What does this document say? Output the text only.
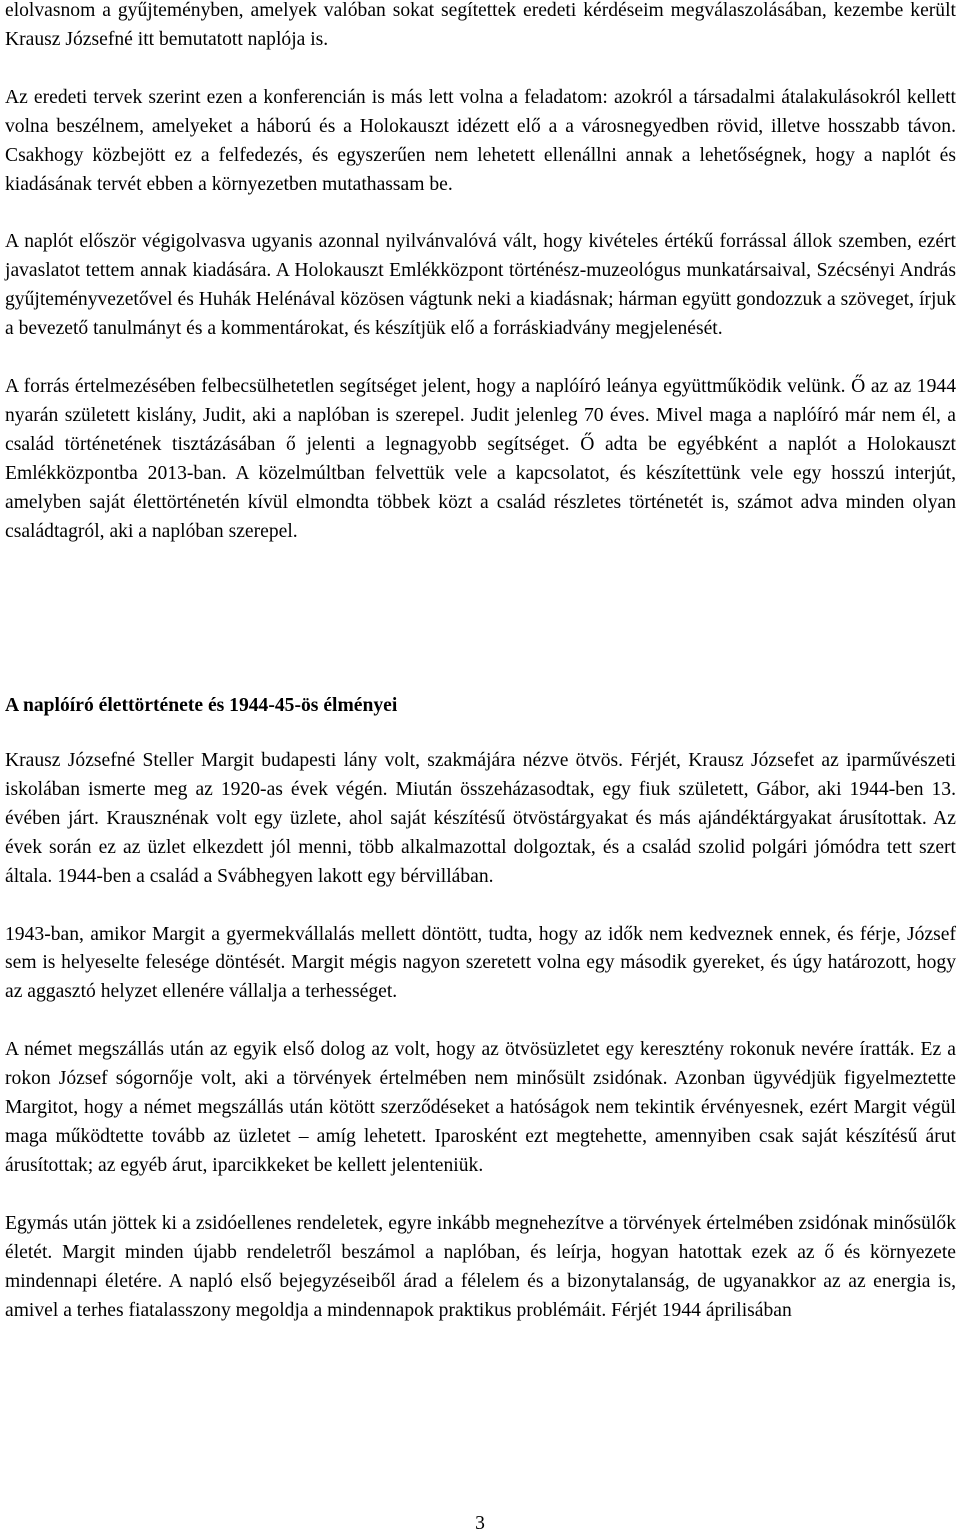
elolvasnom a gyűjteményben, amelyek valóban sokat segítettek eredeti kérdéseim megválaszolásában, kezembe került Krausz Józsefné itt bemutatott naplója is.

Az eredeti tervek szerint ezen a konferencián is más lett volna a feladatom: azokról a társadalmi átalakulásokról kellett volna beszélnem, amelyeket a háború és a Holokauszt idézett elő a a városnegyedben rövid, illetve hosszabb távon. Csakhogy közbejött ez a felfedezés, és egyszerűen nem lehetett ellenállni annak a lehetőségnek, hogy a naplót és kiadásának tervét ebben a környezetben mutathassam be.

A naplót először végigolvasva ugyanis azonnal nyilvánvalóvá vált, hogy kivételes értékű forrással állok szemben, ezért javaslatot tettem annak kiadására. A Holokauszt Emlékközpont történész-muzeológus munkatársaival, Szécsényi András gyűjteményvezetővel és Huhák Helénával közösen vágtunk neki a kiadásnak; hárman együtt gondozzuk a szöveget, írjuk a bevezető tanulmányt és a kommentárokat, és készítjük elő a forráskiadvány megjelenését.

A forrás értelmezésében felbecsülhetetlen segítséget jelent, hogy a naplóíró leánya együttműködik velünk. Ő az az 1944 nyarán született kislány, Judit, aki a naplóban is szerepel. Judit jelenleg 70 éves. Mivel maga a naplóíró már nem él, a család történetének tisztázásában ő jelenti a legnagyobb segítséget. Ő adta be egyébként a naplót a Holokauszt Emlékközpontba 2013-ban. A közelmúltban felvettük vele a kapcsolatot, és készítettünk vele egy hosszú interjút, amelyben saját élettörténetén kívül elmondta többek közt a család részletes történetét is, számot adva minden olyan családtagról, aki a naplóban szerepel.

A naplóíró élettörténete és 1944-45-ös élményei

Krausz Józsefné Steller Margit budapesti lány volt, szakmájára nézve ötvös. Férjét, Krausz Józsefet az iparművészeti iskolában ismerte meg az 1920-as évek végén. Miután összeházasodtak, egy fiuk született, Gábor, aki 1944-ben 13. évében járt. Krausznénak volt egy üzlete, ahol saját készítésű ötvöstárgyakat és más ajándéktárgyakat árusítottak. Az évek során ez az üzlet elkezdett jól menni, több alkalmazottal dolgoztak, és a család szolid polgári jómódra tett szert általa. 1944-ben a család a Svábhegyen lakott egy bérvillában.

1943-ban, amikor Margit a gyermekvállalás mellett döntött, tudta, hogy az idők nem kedveznek ennek, és férje, József sem is helyeselte felesége döntését. Margit mégis nagyon szeretett volna egy második gyereket, és úgy határozott, hogy az aggasztó helyzet ellenére vállalja a terhességet.

A német megszállás után az egyik első dolog az volt, hogy az ötvösüzletet egy keresztény rokonuk nevére íratták. Ez a rokon József sógornője volt, aki a törvények értelmében nem minősült zsidónak. Azonban ügyvédjük figyelmeztette Margitot, hogy a német megszállás után kötött szerződéseket a hatóságok nem tekintik érvényesnek, ezért Margit végül maga működtette tovább az üzletet – amíg lehetett. Iparosként ezt megtehette, amennyiben csak saját készítésű árut árusítottak; az egyéb árut, iparcikkeket be kellett jelenteniük.

Egymás után jöttek ki a zsidóellenes rendeletek, egyre inkább megnehezítve a törvények értelmében zsidónak minősülők életét. Margit minden újabb rendeletről beszámol a naplóban, és leírja, hogyan hatottak ezek az ő és környezete mindennapi életére. A napló első bejegyzéseiből árad a félelem és a bizonytalanság, de ugyanakkor az az energia is, amivel a terhes fiatalasszony megoldja a mindennapok praktikus problémáit. Férjét 1944 áprilisában

3
